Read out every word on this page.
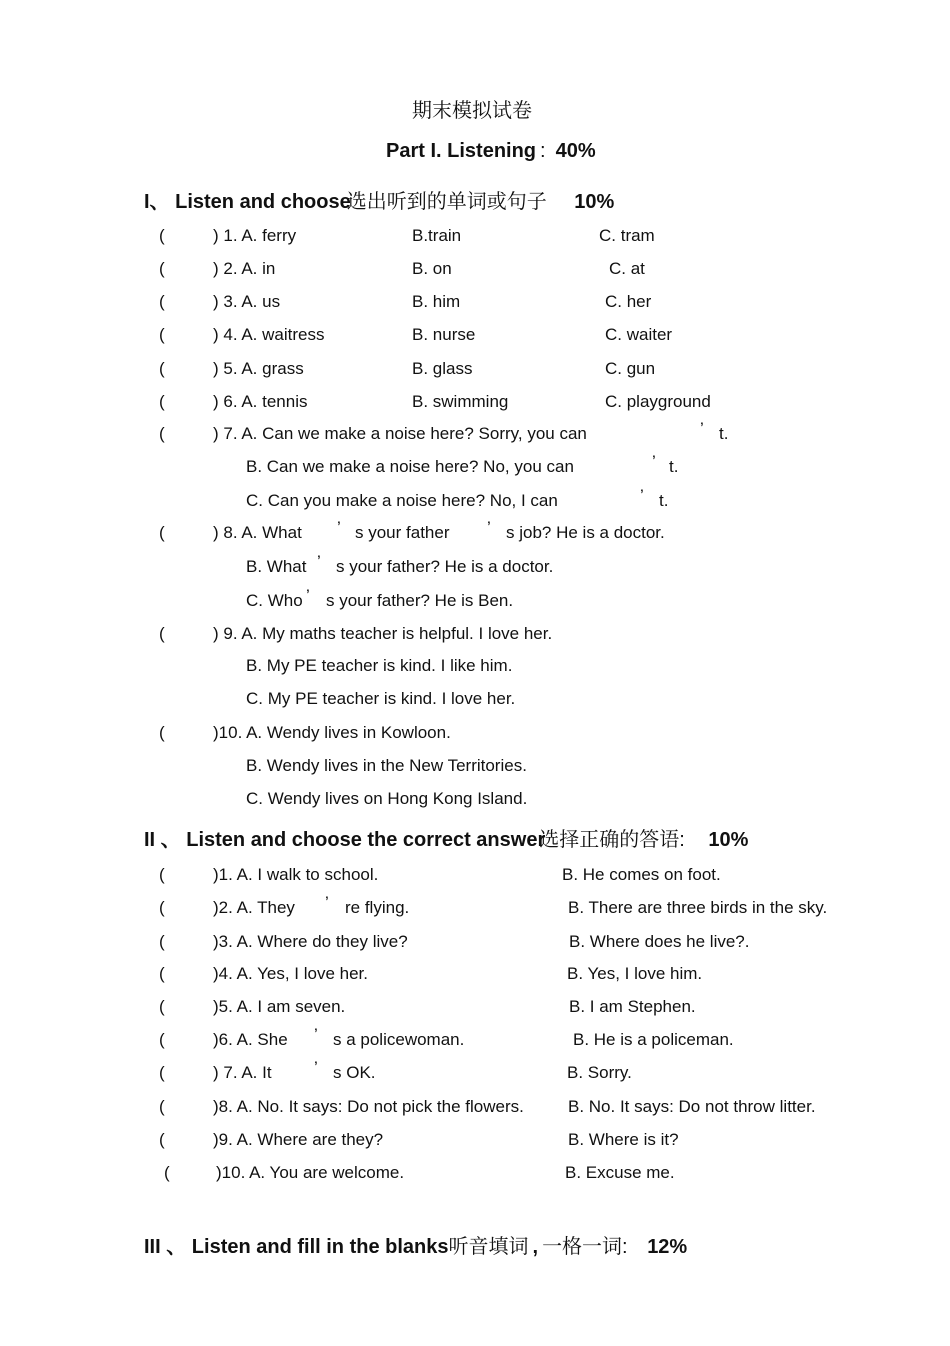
期末模拟试卷
Part I. Listening : 40%
I、 Listen and choose选出听到的单词或句子 10%
(	) 1. A. ferry	B.train	C. tram
(	) 2. A. in	B. on	C. at
(	) 3. A. us	B. him	C. her
(	) 4. A. waitress	B. nurse	C. waiter
(	) 5. A. grass	B. glass	C. gun
(	) 6. A. tennis	B. swimming	C. playground
(	) 7. A. Can we make a noise here? Sorry, you can	’ t.
B. Can we make a noise here? No, you can	’ t.
C. Can you make a noise here? No, I can	’ t.
(	) 8. A. What ’ s your father ’ s job? He is a doctor.
B. What ’ s your father? He is a doctor.
C. Who ’ s your father? He is Ben.
(	) 9. A. My maths teacher is helpful. I love her.
B. My PE teacher is kind. I like him.
C. My PE teacher is kind. I love her.
(	)10. A. Wendy lives in Kowloon.
B. Wendy lives in the New Territories.
C. Wendy lives on Hong Kong Island.
II 、 Listen and choose the correct answer选择正确的答语: 10%
(	)1. A. I walk to school.	B. He comes on foot.
(	)2. A. They ’ re flying.	B. There are three birds in the sky.
(	)3. A. Where do they live?	B. Where does he live?.
(	)4. A. Yes, I love her.	B. Yes, I love him.
(	)5. A. I am seven.	B. I am Stephen.
(	)6. A. She ’ s a policewoman.	B. He is a policeman.
(	) 7. A. It ’ s OK.	B. Sorry.
(	)8. A. No. It says: Do not pick the flowers.	B. No. It says: Do not throw litter.
(	)9. A. Where are they?	B. Where is it?
(	)10. A. You are welcome.	B. Excuse me.
III 、 Listen and fill in the blanks听音填词 , 一格一词: 12%
